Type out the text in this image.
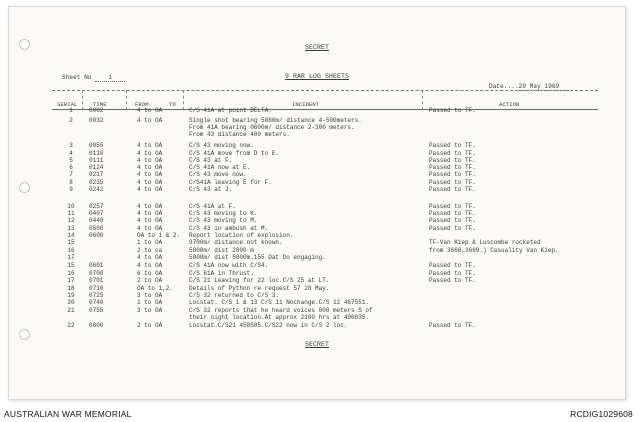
SECRET
Sheet No	1	9 RAR LOG SHEETS
Date....29 May 1969
SERIAL	TIME	FROM	TO	INCIDENT	ACTION
1	0002	4 to OA	C/S 41A at point DELTA.	Passed to TF.
2	0032	4 to OA	Single shot bearing 5080m/ distance 4-500meters.
From 41A bearing 0600m/ distance 2-300 meters.
From 43 distance 400 meters.
3	0055	4 to OA	C/S 43 moving now.	Passed to TF.
4	0110	4 to OA	C/S 41A move from D to E.	Passed to TF.
5	0111	4 to OA	C/S 43 at F.	Passed to TF.
6	0124	4 to OA	C/S 41A now at E.	Passed to TF.
7	0217	4 to OA	C/S 43 move now.	Passed to TF.
8	0235	4 to OA	C/S41A leaving E for F.	Passed to TF.
9	0242	4 to OA	C/S 43 at J.	Passed to TF.
10	0257	4 to OA	C/S 41A at F.	Passed to TF.
11	0407	4 to OA	C/S 43 moving to K.	Passed to TF.
12	0440	4 to OA	C/S 43 moving to M.	Passed to TF.
13	0500	4 to OA	C/S 43 in ambush at M.	Passed to TF.
14	0600	OA to 1 & 2. Report location of explosion.
15	1 to OA	9700m/ distance not known.	TF-Van Kiep & Luscombe rocketed
16	2 to oa	5800m/ dist 2000 m	from 3668,3669.) Casuality Van Kiep.
17	4 to OA	5000m/ dist 5000m.155 Dat Do engaging.
15	0601	4 to OA	C/S 41A now with C/S4.	Passed to TF.
16	0700	6 to OA	C/S 61A in Thrust.	Passed to TF.
17	0701	2 to OA	C/S 21 Leaving for 22 loc.C/S 25 at LT.	Passed to TF.
18	0710	OA to 1,2.	Details of Python re request 57 28 May.
19	0725	3 to OA	C/S 32 returned to C/S 3.
20	0740	1 to OA	Locstat. C/S 1 & 13 C/S 11 Nochange.C/S 12 467551.
21	0755	3 to OA	C/S 32 reports that he heard voices 800 meters S of
their night location.At approx 2100 hrs at 496635.
22	0800	2 to OA	Locstat.C/S21 458585.C/S22 now in C/S 2 loc.	Passed to TF.
SECRET
AUSTRALIAN WAR MEMORIAL	RCDIG1029608
